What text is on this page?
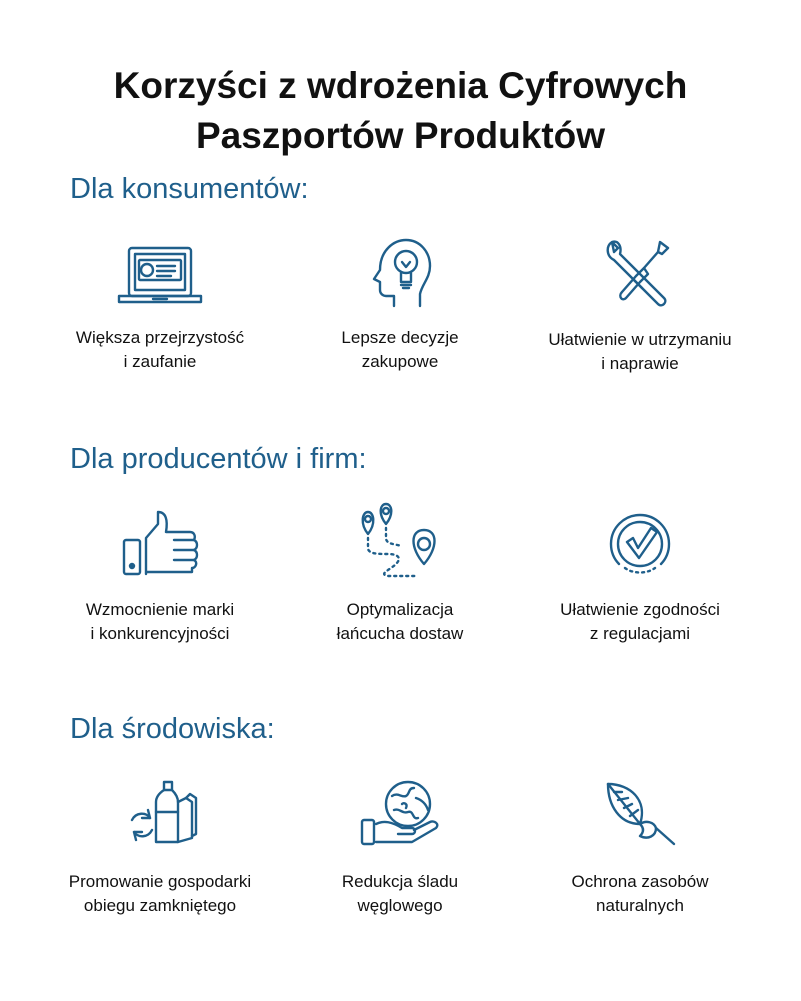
Korzyści z wdrożenia Cyfrowych
Paszportów Produktów
Dla konsumentów:
Większa przejrzystość
i zaufanie
Lepsze decyzje
zakupowe
Ułatwienie w utrzymaniu
i naprawie
Dla producentów i firm:
Wzmocnienie marki
i konkurencyjności
Optymalizacja
łańcucha dostaw
Ułatwienie zgodności
z regulacjami
Dla środowiska:
Promowanie gospodarki
obiegu zamkniętego
Redukcja śladu
węglowego
Ochrona zasobów
naturalnych
